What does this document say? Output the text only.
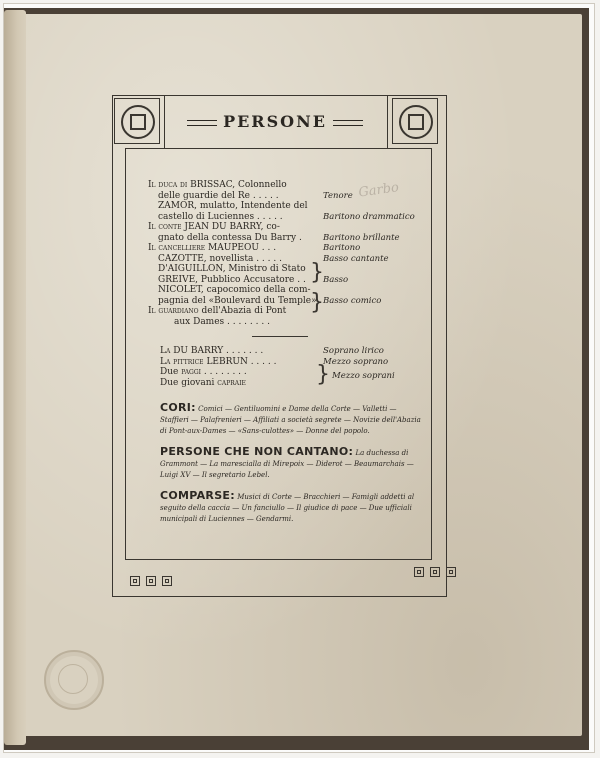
Garbo
PERSONE
Il duca di BRISSAC, Colonnello
delle guardie del Re . . . . .	Tenore
ZAMOR, mulatto, Intendente del
castello di Luciennes . . . . .	Baritono drammatico
Il conte JEAN DU BARRY, co-
gnato della contessa Du Barry . Baritono brillante
Il cancelliere MAUPEOU . . .	Baritono
CAZOTTE, novellista . . . . .	Basso cantante
D'AIGUILLON, Ministro di Stato
GREIVE, Pubblico Accusatore . . Basso
NICOLET, capocomico della com-
pagnia del «Boulevard du Temple» Basso comico
Il guardiano dell'Abazia di Pont
aux Dames . . . . . . . .
}
}
La DU BARRY . . . . . . .	Soprano lirico
La pittrice LEBRUN . . . . .	Mezzo soprano
Due paggi . . . . . . . .	Mezzo soprani
Due giovani capraie	}
CORI: Comici — Gentiluomini e Dame della Corte — Valletti — Staffieri — Palafrenieri — Affiliati a società segrete — Novizie dell'Abazia di Pont-aux-Dames — «Sans-culottes» — Donne del popolo.
PERSONE CHE NON CANTANO: La duchessa di Grammont — La marescialla di Mirepoix — Diderot — Beaumarchais — Luigi XV — Il segretario Lebel.
COMPARSE: Musici di Corte — Bracchieri — Famigli addetti al seguito della caccia — Un fanciullo — Il giudice di pace — Due ufficiali municipali di Luciennes — Gendarmi.
